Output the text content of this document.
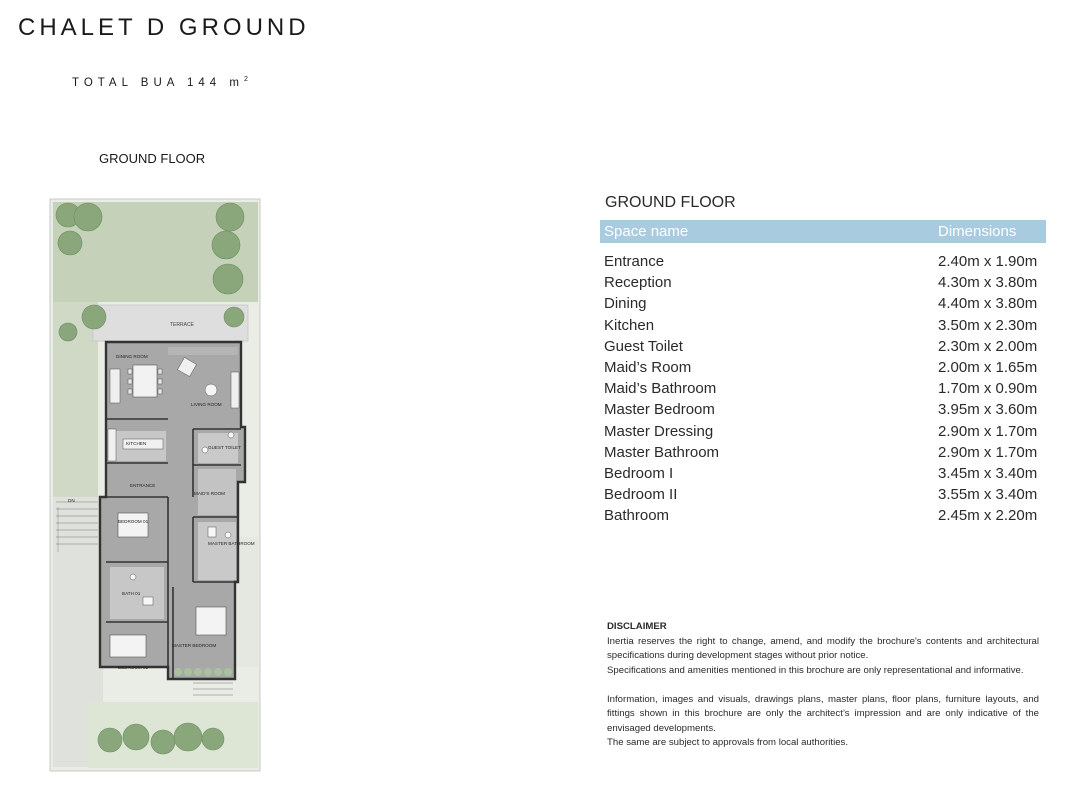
CHALET D GROUND
TOTAL BUA 144 $m^2$
GROUND FLOOR
TERRACE
DINING ROOM
LIVING ROOM
KITCHEN
GUEST TOILET
ENTRANCE
MAID'S ROOM
BEDROOM 01
MASTER BATHROOM
BATH 01
MASTER BEDROOM
BEDROOM 02
DN
GROUND FLOOR
Space name	Dimensions
Entrance	2.40m x 1.90m
Reception	4.30m x 3.80m
Dining	4.40m x 3.80m
Kitchen	3.50m x 2.30m
Guest Toilet	2.30m x 2.00m
Maid’s Room	2.00m x 1.65m
Maid’s Bathroom	1.70m x 0.90m
Master Bedroom	3.95m x 3.60m
Master Dressing	2.90m x 1.70m
Master Bathroom	2.90m x 1.70m
Bedroom I	3.45m x 3.40m
Bedroom II	3.55m x 3.40m
Bathroom	2.45m x 2.20m

DISCLAIMER

Inertia reserves the right to change, amend, and modify the brochure's contents and architectural specifications during development stages without prior notice.

Specifications and amenities mentioned in this brochure are only representational and informative.

Information, images and visuals, drawings plans, master plans, floor plans, furniture layouts, and fittings shown in this brochure are only the architect’s impression and are only indicative of the envisaged developments.

The same are subject to approvals from local authorities.
